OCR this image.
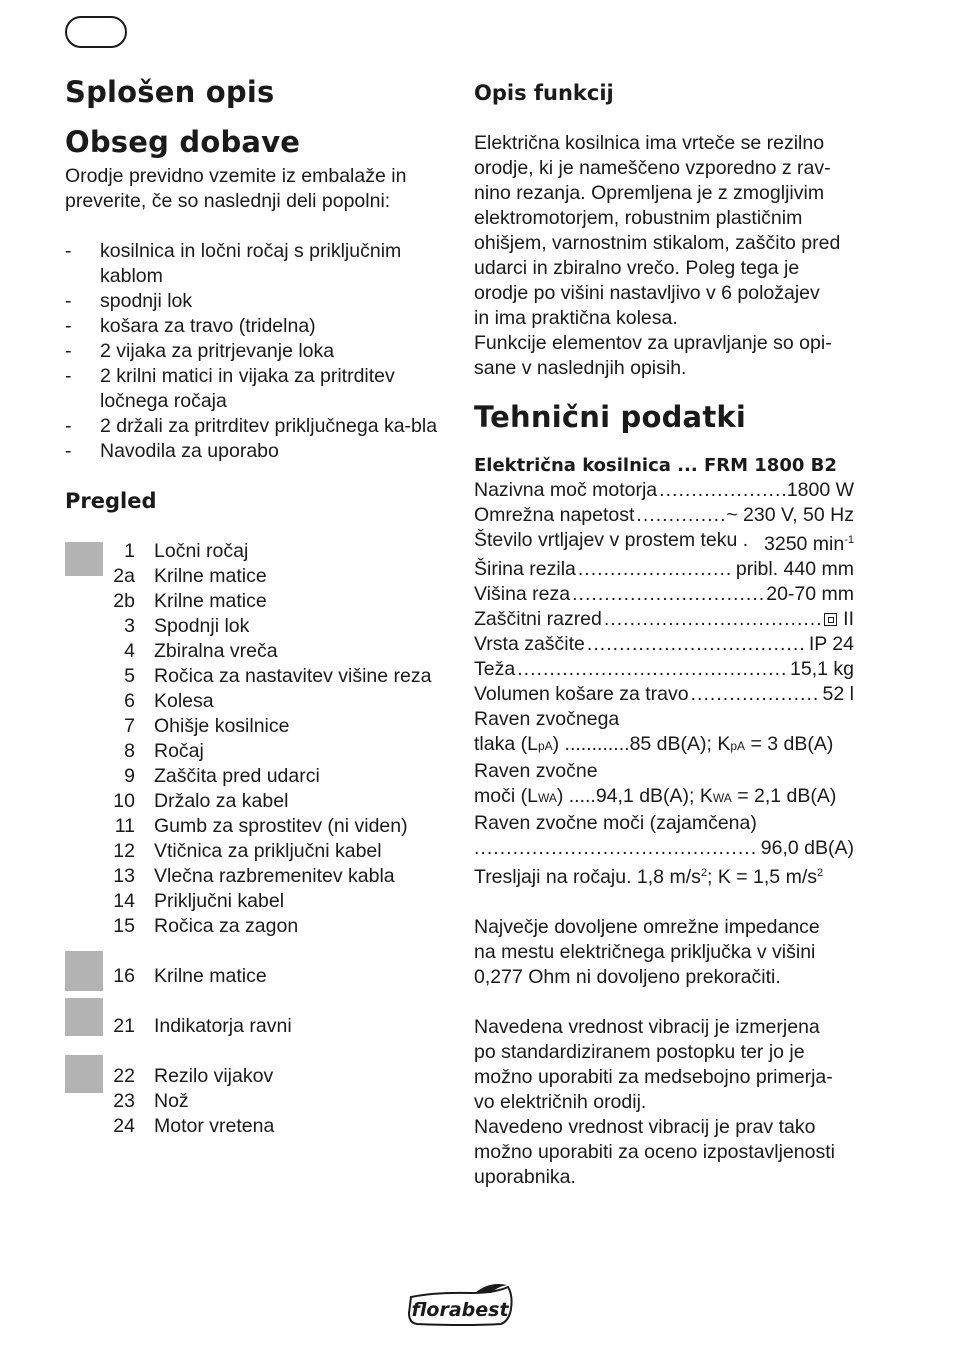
Splošen opis
Obseg dobave

Orodje previdno vzemite iz embalaže in preverite, če so naslednji deli popolni:

- kosilnica in ločni ročaj s priključnim kablom
- spodnji lok
- košara za travo (tridelna)
- 2 vijaka za pritrjevanje loka
- 2 krilni matici in vijaka za pritrditev ločnega ročaja
- 2 držali za pritrditev priključnega ka-bla
- Navodila za uporabo
Pregled
1 Ločni ročaj
2a Krilne matice
2b Krilne matice
3 Spodnji lok
4 Zbiralna vreča
5 Ročica za nastavitev višine reza
6 Kolesa
7 Ohišje kosilnice
8 Ročaj
9 Zaščita pred udarci
10 Držalo za kabel
11 Gumb za sprostitev (ni viden)
12 Vtičnica za priključni kabel
13 Vlečna razbremenitev kabla
14 Priključni kabel
15 Ročica za zagon
16 Krilne matice
21 Indikatorja ravni
22 Rezilo vijakov
23 Nož
24 Motor vretena
Opis funkcij
Električna kosilnica ima vrteče se rezilno
orodje, ki je nameščeno vzporedno z rav-
nino rezanja. Opremljena je z zmogljivim
elektromotorjem, robustnim plastičnim
ohišjem, varnostnim stikalom, zaščito pred
udarci in zbiralno vrečo. Poleg tega je
orodje po višini nastavljivo v 6 položajev
in ima praktična kolesa.
Funkcije elementov za upravljanje so opi-
sane v naslednjih opisih.
Tehnični podatki
Električna kosilnica ... FRM 1800 B2
Nazivna moč motorja . . .	1800 W
Omrežna napetost . . .	~ 230 V, 50 Hz
Število vrtljajev v prostem teku . 3250 $\min^{-1}$
Širina rezila . . .	pribl. 440 mm
Višina reza . . .	20-70 mm
Zaščitni razred . . .	II
Vrsta zaščite . . .	IP 24
Teža . . .	15,1 kg
Volumen košare za travo . . .	52 l
Raven zvočnega
tlaka (LpA) ............85 dB(A); KpA = 3 dB(A)
Raven zvočne
moči (LWA) .....94,1 dB(A); KWA = 2,1 dB(A)
Raven zvočne moči (zajamčena)
. . .
96,0 dB(A)
Tresljaji na ročaju. 1,8 $m/s^2$; K = 1,5 $m/s^2$
Največje dovoljene omrežne impedance
na mestu električnega priključka v višini
0,277 Ohm ni dovoljeno prekoračiti.
Navedena vrednost vibracij je izmerjena
po standardiziranem postopku ter jo je
možno uporabiti za medsebojno primerja-
vo električnih orodij.
Navedeno vrednost vibracij je prav tako
možno uporabiti za oceno izpostavljenosti
uporabnika.
florabest
